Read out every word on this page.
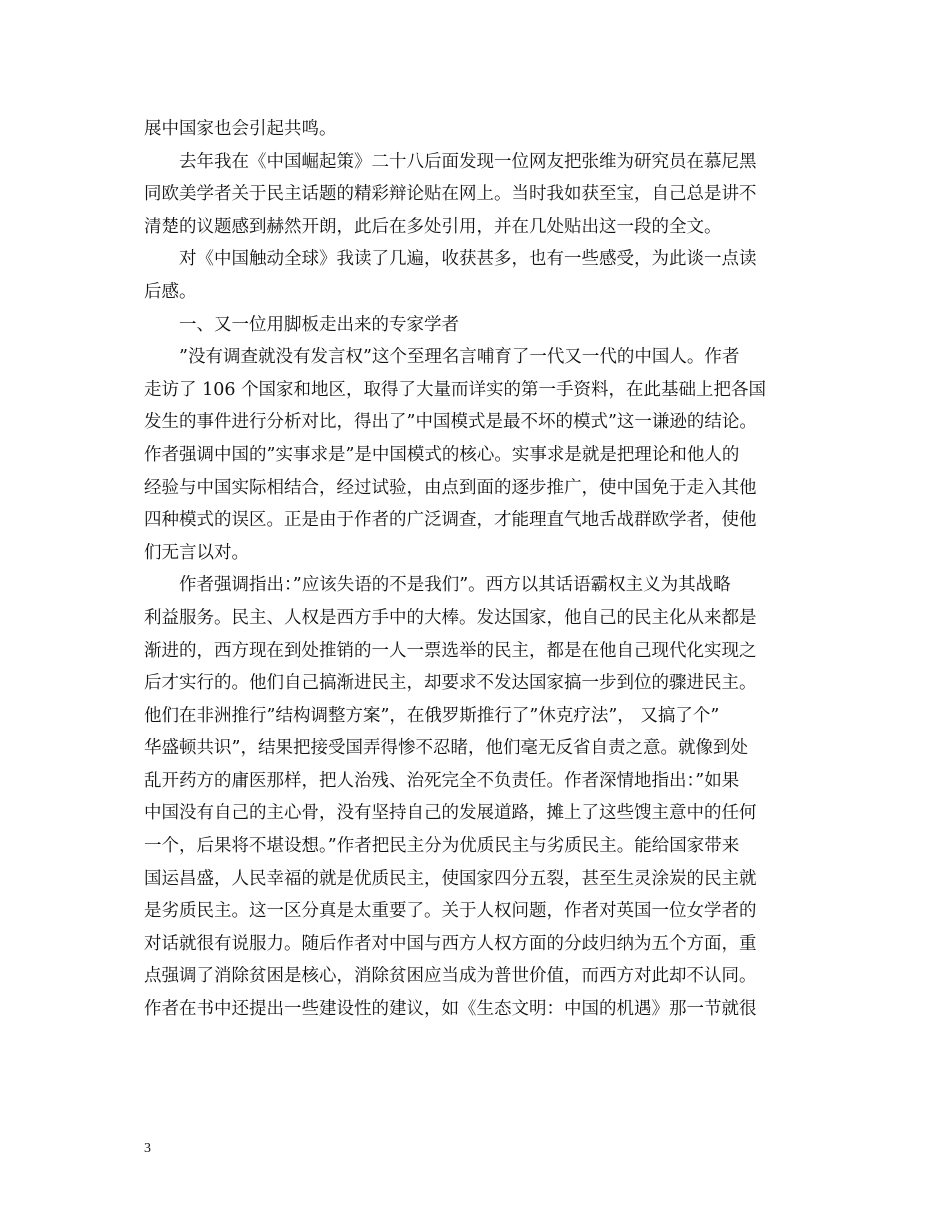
展中国家也会引起共鸣。
去年我在《中国崛起策》二十八后面发现一位网友把张维为研究员在慕尼黑
同欧美学者关于民主话题的精彩辩论贴在网上。当时我如获至宝，自己总是讲不
清楚的议题感到赫然开朗，此后在多处引用，并在几处贴出这一段的全文。
对《中国触动全球》我读了几遍，收获甚多，也有一些感受，为此谈一点读
后感。
一、又一位用脚板走出来的专家学者
”没有调查就没有发言权”这个至理名言哺育了一代又一代的中国人。作者
走访了 106 个国家和地区，取得了大量而详实的第一手资料，在此基础上把各国
发生的事件进行分析对比，得出了”中国模式是最不坏的模式”这一谦逊的结论。
作者强调中国的”实事求是”是中国模式的核心。实事求是就是把理论和他人的
经验与中国实际相结合，经过试验，由点到面的逐步推广，使中国免于走入其他
四种模式的误区。正是由于作者的广泛调查，才能理直气地舌战群欧学者，使他
们无言以对。
作者强调指出：”应该失语的不是我们”。西方以其话语霸权主义为其战略
利益服务。民主、人权是西方手中的大棒。发达国家，他自己的民主化从来都是
渐进的，西方现在到处推销的一人一票选举的民主，都是在他自己现代化实现之
后才实行的。他们自己搞渐进民主，却要求不发达国家搞一步到位的骤进民主。
他们在非洲推行”结构调整方案”，在俄罗斯推行了”休克疗法”， 又搞了个”
华盛顿共识”，结果把接受国弄得惨不忍睹，他们毫无反省自责之意。就像到处
乱开药方的庸医那样，把人治残、治死完全不负责任。作者深情地指出：”如果
中国没有自己的主心骨，没有坚持自己的发展道路，摊上了这些馊主意中的任何
一个，后果将不堪设想。”作者把民主分为优质民主与劣质民主。能给国家带来
国运昌盛，人民幸福的就是优质民主，使国家四分五裂，甚至生灵涂炭的民主就
是劣质民主。这一区分真是太重要了。关于人权问题，作者对英国一位女学者的
对话就很有说服力。随后作者对中国与西方人权方面的分歧归纳为五个方面，重
点强调了消除贫困是核心，消除贫困应当成为普世价值，而西方对此却不认同。
作者在书中还提出一些建设性的建议，如《生态文明：中国的机遇》那一节就很
3
